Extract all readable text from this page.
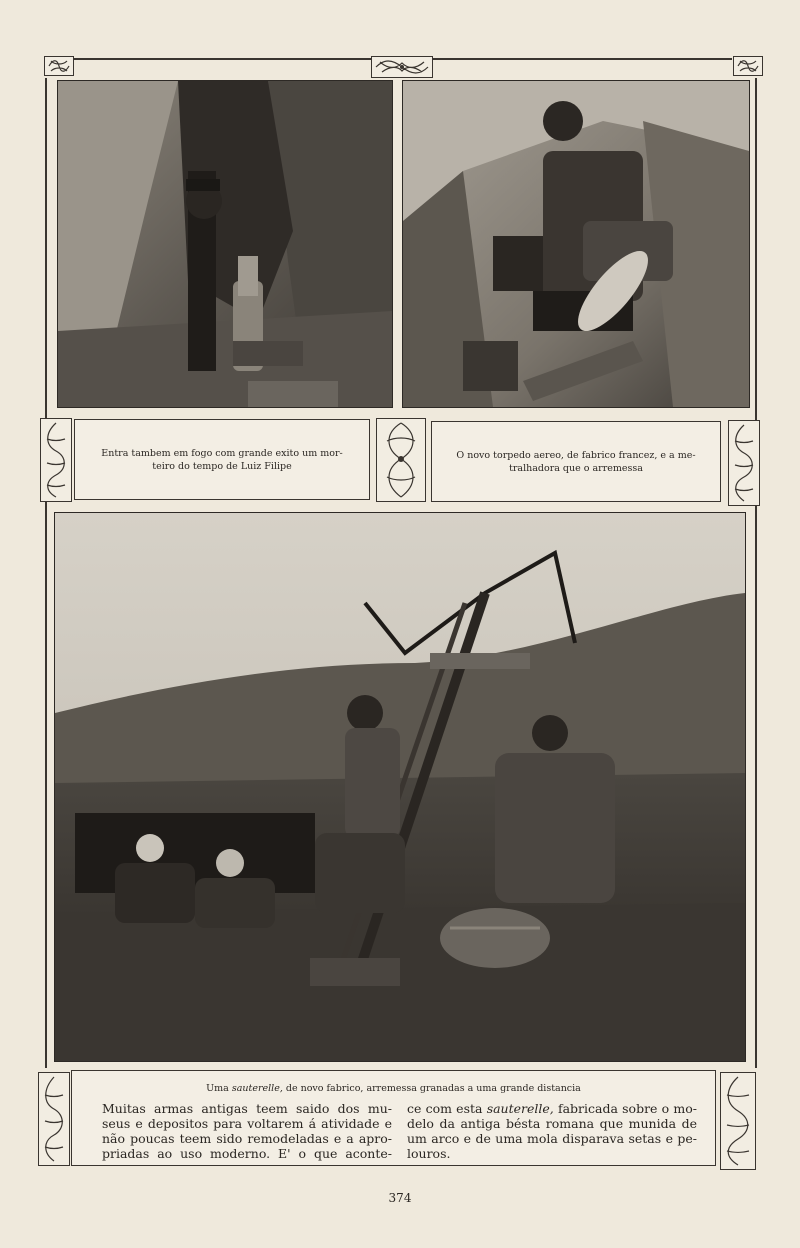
Entra tambem em fogo com grande exito um mor-
teiro do tempo de Luiz Filipe
O novo torpedo aereo, de fabrico francez, e a me-
tralhadora que o arremessa
Uma sauterelle, de novo fabrico, arremessa granadas a uma grande distancia
Muitas armas antigas teem saido dos mu-
seus e depositos para voltarem á atividade e
não poucas teem sido remodeladas e a apro-
priadas ao uso moderno. E' o que aconte-
ce com esta sauterelle, fabricada sobre o mo-
delo da antiga bésta romana que munida de
um arco e de uma mola disparava setas e pe-
louros.
374
